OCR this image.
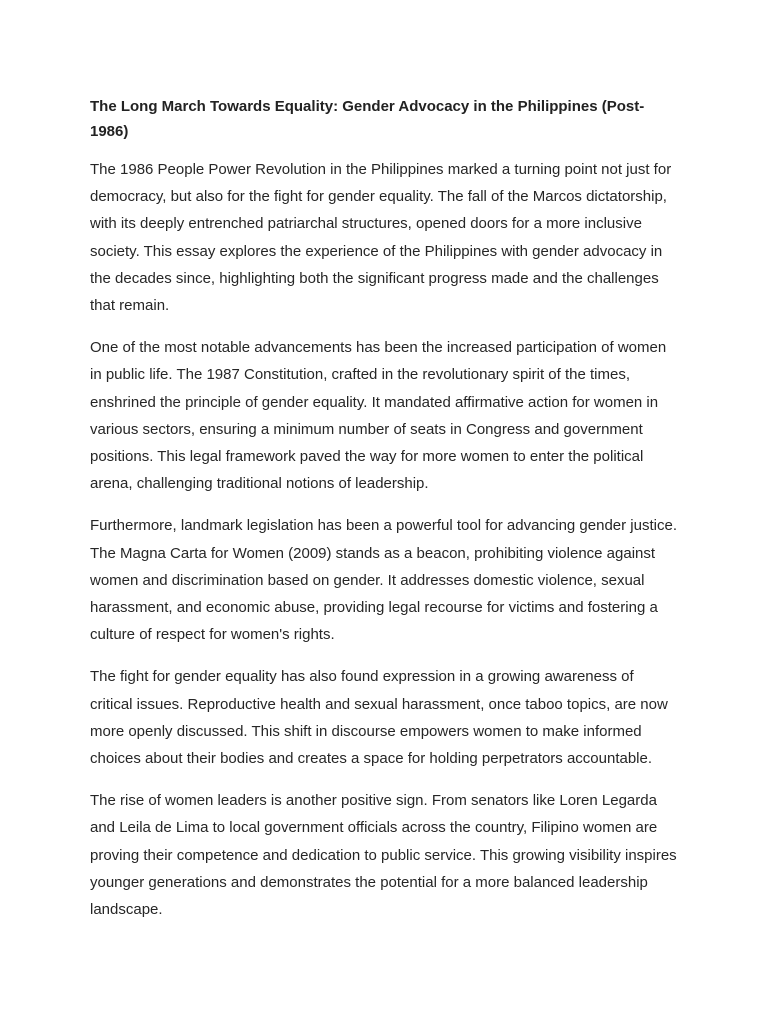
The Long March Towards Equality: Gender Advocacy in the Philippines (Post-1986)

The 1986 People Power Revolution in the Philippines marked a turning point not just for democracy, but also for the fight for gender equality. The fall of the Marcos dictatorship, with its deeply entrenched patriarchal structures, opened doors for a more inclusive society. This essay explores the experience of the Philippines with gender advocacy in the decades since, highlighting both the significant progress made and the challenges that remain.

One of the most notable advancements has been the increased participation of women in public life. The 1987 Constitution, crafted in the revolutionary spirit of the times, enshrined the principle of gender equality. It mandated affirmative action for women in various sectors, ensuring a minimum number of seats in Congress and government positions. This legal framework paved the way for more women to enter the political arena, challenging traditional notions of leadership.

Furthermore, landmark legislation has been a powerful tool for advancing gender justice. The Magna Carta for Women (2009) stands as a beacon, prohibiting violence against women and discrimination based on gender. It addresses domestic violence, sexual harassment, and economic abuse, providing legal recourse for victims and fostering a culture of respect for women's rights.

The fight for gender equality has also found expression in a growing awareness of critical issues. Reproductive health and sexual harassment, once taboo topics, are now more openly discussed. This shift in discourse empowers women to make informed choices about their bodies and creates a space for holding perpetrators accountable.

The rise of women leaders is another positive sign. From senators like Loren Legarda and Leila de Lima to local government officials across the country, Filipino women are proving their competence and dedication to public service. This growing visibility inspires younger generations and demonstrates the potential for a more balanced leadership landscape.
